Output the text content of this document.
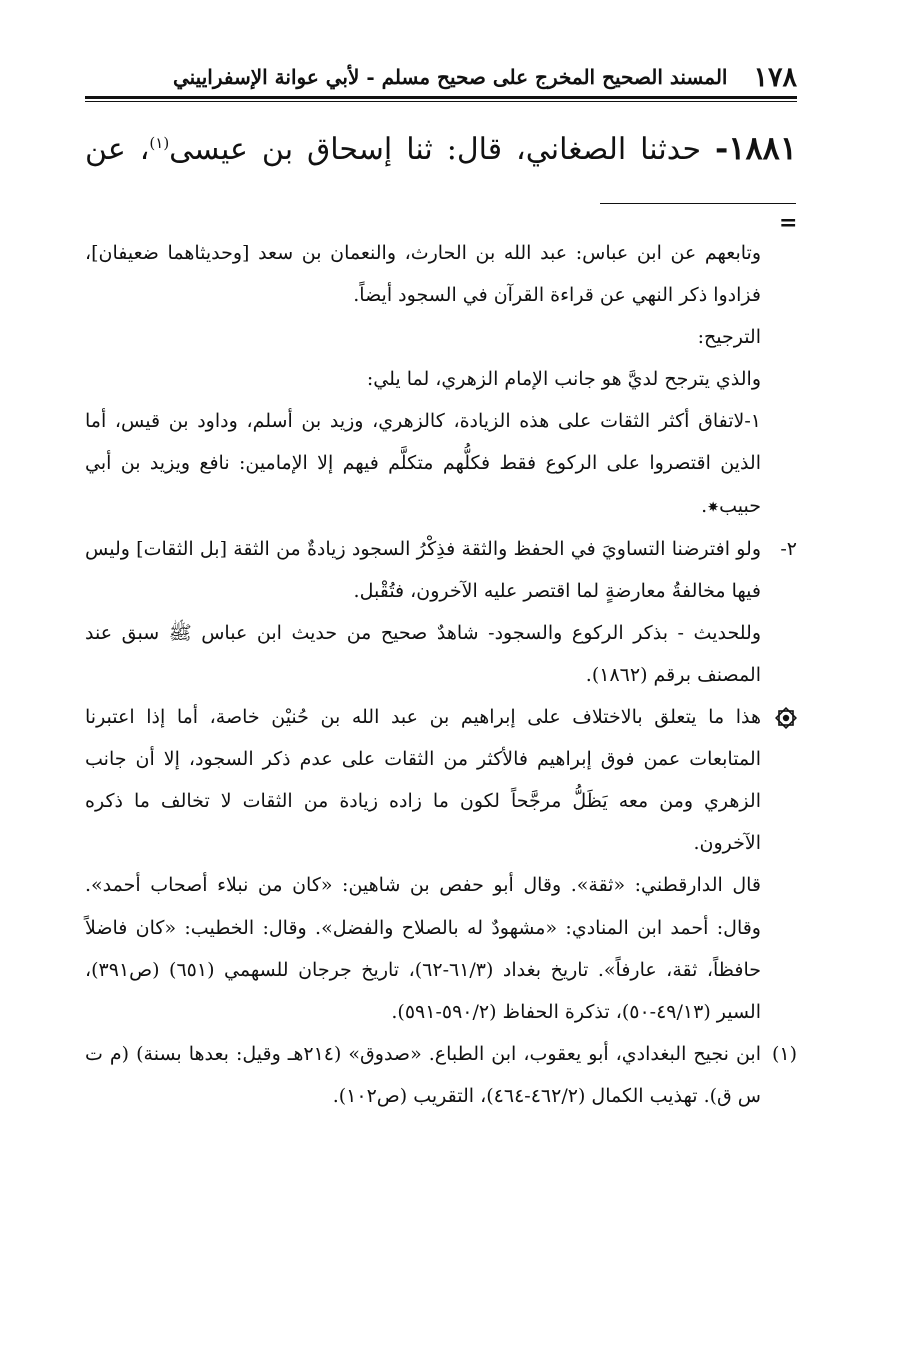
١٧٨
المسند الصحيح المخرج على صحيح مسلم - لأبي عوانة الإسفراييني
١٨٨١- حدثنا الصغاني، قال: ثنا إسحاق بن عيسى$^{(١)}$، عن
=

وتابعهم عن ابن عباس: عبد الله بن الحارث، والنعمان بن سعد [وحديثاهما ضعيفان]، فزادوا ذكر النهي عن قراءة القرآن في السجود أيضاً.

الترجيح:

والذي يترجح لديَّ هو جانب الإمام الزهري، لما يلي:

١-لاتفاق أكثر الثقات على هذه الزيادة، كالزهري، وزيد بن أسلم، وداود بن قيس، أما الذين اقتصروا على الركوع فقط فكلُّهم متكلَّم فيهم إلا الإمامين: نافع ويزيد بن أبي حبيب🟎.

٢-

ولو افترضنا التساويَ في الحفظ والثقة فذِكْرُ السجود زيادةٌ من الثقة [بل الثقات] وليس فيها مخالفةُ معارضةٍ لما اقتصر عليه الآخرون، فتُقْبل.

وللحديث - بذكر الركوع والسجود- شاهدٌ صحيح من حديث ابن عباس ﷺ سبق عند المصنف برقم (١٨٦٢).

هذا ما يتعلق بالاختلاف على إبراهيم بن عبد الله بن حُنيْن خاصة، أما إذا اعتبرنا المتابعات عمن فوق إبراهيم فالأكثر من الثقات على عدم ذكر السجود، إلا أن جانب الزهري ومن معه يَظَلُّ مرجَّحاً لكون ما زاده زيادة من الثقات لا تخالف ما ذكره الآخرون.

قال الدارقطني: «ثقة». وقال أبو حفص بن شاهين: «كان من نبلاء أصحاب أحمد». وقال: أحمد ابن المنادي: «مشهودٌ له بالصلاح والفضل». وقال: الخطيب: «كان فاضلاً حافظاً، ثقة، عارفاً». تاريخ بغداد (٦١/٣-٦٢)، تاريخ جرجان للسهمي (٦٥١) (ص٣٩١)، السير (٤٩/١٣-٥٠)، تذكرة الحفاظ (٥٩٠/٢-٥٩١).

(١)

ابن نجيح البغدادي، أبو يعقوب، ابن الطباع. «صدوق» (٢١٤هـ وقيل: بعدها بسنة) (م ت س ق). تهذيب الكمال (٤٦٢/٢-٤٦٤)، التقريب (ص١٠٢).
